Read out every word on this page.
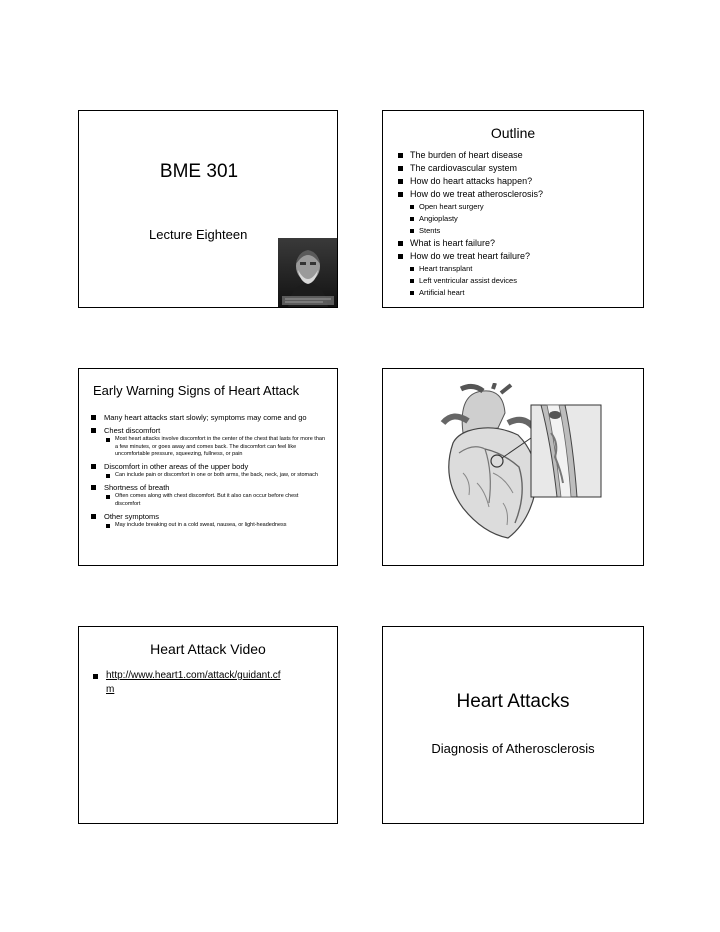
BME 301
Lecture Eighteen
Outline
The burden of heart disease
The cardiovascular system
How do heart attacks happen?
How do we treat atherosclerosis?
Open heart surgery
Angioplasty
Stents
What is heart failure?
How do we treat heart failure?
Heart transplant
Left ventricular assist devices
Artificial heart
Early Warning Signs of Heart Attack
Many heart attacks start slowly; symptoms may come and go
Chest discomfort
Most heart attacks involve discomfort in the center of the chest that lasts for more than a few minutes, or goes away and comes back. The discomfort can feel like uncomfortable pressure, squeezing, fullness, or pain
Discomfort in other areas of the upper body
Can include pain or discomfort in one or both arms, the back, neck, jaw, or stomach
Shortness of breath
Often comes along with chest discomfort. But it also can occur before chest discomfort
Other symptoms
May include breaking out in a cold sweat, nausea, or light-headedness
Heart Attack Video
http://www.heart1.com/attack/guidant.cf
m
Heart Attacks
Diagnosis of Atherosclerosis
